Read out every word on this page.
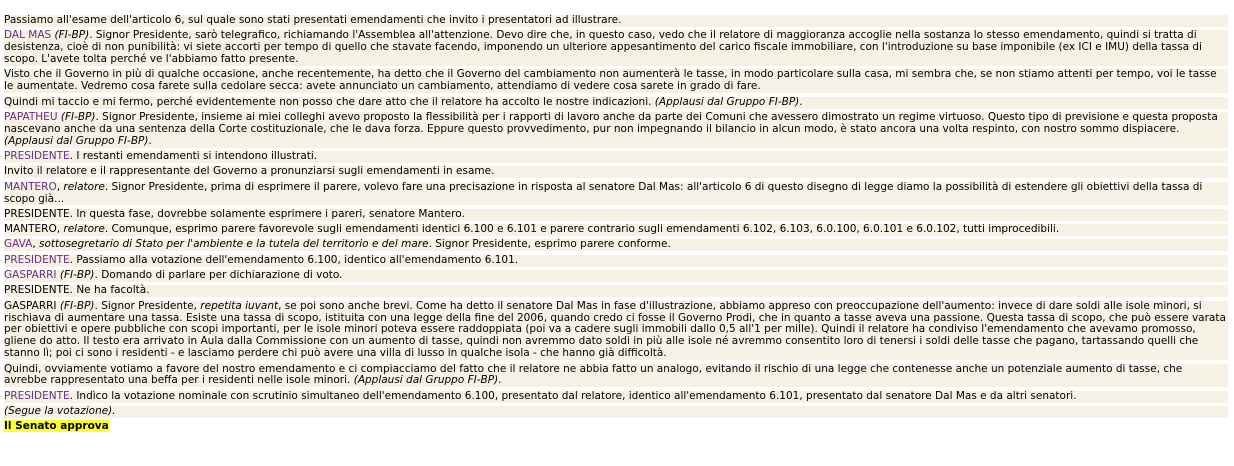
Passiamo all'esame dell'articolo 6, sul quale sono stati presentati emendamenti che invito i presentatori ad illustrare.
DAL MAS (FI-BP). Signor Presidente, sarò telegrafico, richiamando l'Assemblea all'attenzione. Devo dire che, in questo caso, vedo che il relatore di maggioranza accoglie nella sostanza lo stesso emendamento, quindi si tratta di desistenza, cioè di non punibilità: vi siete accorti per tempo di quello che stavate facendo, imponendo un ulteriore appesantimento del carico fiscale immobiliare, con l'introduzione su base imponibile (ex ICI e IMU) della tassa di scopo. L'avete tolta perché ve l'abbiamo fatto presente.
Visto che il Governo in più di qualche occasione, anche recentemente, ha detto che il Governo del cambiamento non aumenterà le tasse, in modo particolare sulla casa, mi sembra che, se non stiamo attenti per tempo, voi le tasse le aumentate. Vedremo cosa farete sulla cedolare secca: avete annunciato un cambiamento, attendiamo di vedere cosa sarete in grado di fare.
Quindi mi taccio e mi fermo, perché evidentemente non posso che dare atto che il relatore ha accolto le nostre indicazioni. (Applausi dal Gruppo FI-BP).
PAPATHEU (FI-BP). Signor Presidente, insieme ai miei colleghi avevo proposto la flessibilità per i rapporti di lavoro anche da parte dei Comuni che avessero dimostrato un regime virtuoso. Questo tipo di previsione e questa proposta nascevano anche da una sentenza della Corte costituzionale, che le dava forza. Eppure questo provvedimento, pur non impegnando il bilancio in alcun modo, è stato ancora una volta respinto, con nostro sommo dispiacere. (Applausi dal Gruppo FI-BP).
PRESIDENTE. I restanti emendamenti si intendono illustrati.
Invito il relatore e il rappresentante del Governo a pronunziarsi sugli emendamenti in esame.
MANTERO, relatore. Signor Presidente, prima di esprimere il parere, volevo fare una precisazione in risposta al senatore Dal Mas: all'articolo 6 di questo disegno di legge diamo la possibilità di estendere gli obiettivi della tassa di scopo già...
PRESIDENTE. In questa fase, dovrebbe solamente esprimere i pareri, senatore Mantero.
MANTERO, relatore. Comunque, esprimo parere favorevole sugli emendamenti identici 6.100 e 6.101 e parere contrario sugli emendamenti 6.102, 6.103, 6.0.100, 6.0.101 e 6.0.102, tutti improcedibili.
GAVA, sottosegretario di Stato per l'ambiente e la tutela del territorio e del mare. Signor Presidente, esprimo parere conforme.
PRESIDENTE. Passiamo alla votazione dell'emendamento 6.100, identico all'emendamento 6.101.
GASPARRI (FI-BP). Domando di parlare per dichiarazione di voto.
PRESIDENTE. Ne ha facoltà.
GASPARRI (FI-BP). Signor Presidente, repetita iuvant, se poi sono anche brevi. Come ha detto il senatore Dal Mas in fase d'illustrazione, abbiamo appreso con preoccupazione dell'aumento: invece di dare soldi alle isole minori, si rischiava di aumentare una tassa. Esiste una tassa di scopo, istituita con una legge della fine del 2006, quando credo ci fosse il Governo Prodi, che in quanto a tasse aveva una passione. Questa tassa di scopo, che può essere varata per obiettivi e opere pubbliche con scopi importanti, per le isole minori poteva essere raddoppiata (poi va a cadere sugli immobili dallo 0,5 all'1 per mille). Quindi il relatore ha condiviso l'emendamento che avevamo promosso, gliene do atto. Il testo era arrivato in Aula dalla Commissione con un aumento di tasse, quindi non avremmo dato soldi in più alle isole né avremmo consentito loro di tenersi i soldi delle tasse che pagano, tartassando quelli che stanno lì; poi ci sono i residenti - e lasciamo perdere chi può avere una villa di lusso in qualche isola - che hanno già difficoltà.
Quindi, ovviamente votiamo a favore del nostro emendamento e ci compiacciamo del fatto che il relatore ne abbia fatto un analogo, evitando il rischio di una legge che contenesse anche un potenziale aumento di tasse, che avrebbe rappresentato una beffa per i residenti nelle isole minori. (Applausi dal Gruppo FI-BP).
PRESIDENTE. Indìco la votazione nominale con scrutinio simultaneo dell'emendamento 6.100, presentato dal relatore, identico all'emendamento 6.101, presentato dal senatore Dal Mas e da altri senatori.
(Segue la votazione).
Il Senato approva
